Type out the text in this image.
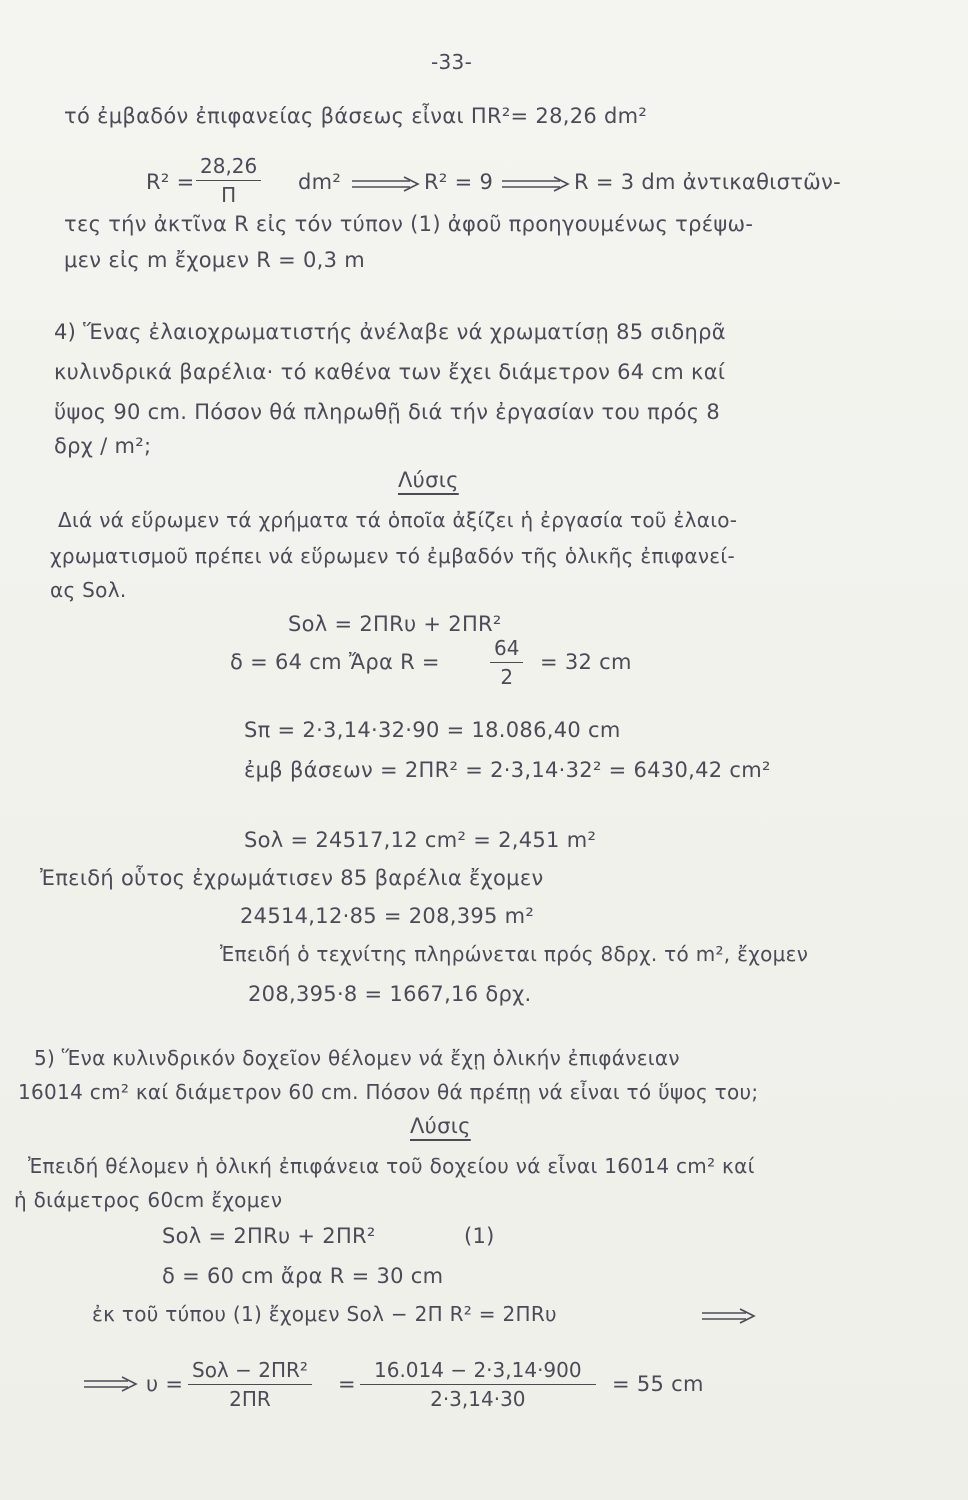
-33-
τό ἐμβαδόν ἐπιφανείας βάσεως εἶναι ΠR²= 28,26 dm²
$R^2 = \frac{28,26}{\Pi} dm^2$	R² = 9	R = 3 dm ἀντικαθιστῶν-
τες τήν ἀκτῖνα R εἰς τόν τύπον (1) ἀφοῦ προηγουμένως τρέψω-
μεν εἰς m ἔχομεν R = 0,3 m
4) Ἕνας ἐλαιοχρωματιστής ἀνέλαβε νά χρωματίσῃ 85 σιδηρᾶ
κυλινδρικά βαρέλια· τό καθένα των ἔχει διάμετρον 64 cm καί
ὕψος 90 cm. Πόσον θά πληρωθῇ διά τήν ἐργασίαν του πρός 8
δρχ / m²;
Λύσις
Διά νά εὕρωμεν τά χρήματα τά ὁποῖα ἀξίζει ἡ ἐργασία τοῦ ἐλαιο-
χρωματισμοῦ πρέπει νά εὕρωμεν τό ἐμβαδόν τῆς ὁλικῆς ἐπιφανεί-
ας Sολ.
Sολ = 2ΠRυ + 2ΠR²
δ = 64 cm Ἄρα R =	$\frac{64}{2} = 32$ cm
Sπ = 2·3,14·32·90 = 18.086,40 cm
ἐμβ βάσεων = 2ΠR² = 2·3,14·32² = 6430,42 cm²
Sολ = 24517,12 cm² = 2,451 m²
Ἐπειδή οὗτος ἐχρωμάτισεν 85 βαρέλια ἔχομεν
24514,12·85 = 208,395 m²
Ἐπειδή ὁ τεχνίτης πληρώνεται πρός 8δρχ. τό m², ἔχομεν
208,395·8 = 1667,16 δρχ.
5) Ἕνα κυλινδρικόν δοχεῖον θέλομεν νά ἔχῃ ὁλικήν ἐπιφάνειαν
16014 cm² καί διάμετρον 60 cm. Πόσον θά πρέπῃ νά εἶναι τό ὕψος του;
Λύσις
Ἐπειδή θέλομεν ἡ ὁλική ἐπιφάνεια τοῦ δοχείου νά εἶναι 16014 cm² καί
ἡ διάμετρος 60cm ἔχομεν
Sολ = 2ΠRυ + 2ΠR²	(1)
δ = 60 cm ἄρα R = 30 cm
ἐκ τοῦ τύπου (1) ἔχομεν Sολ − 2Π R² = 2ΠRυ
υ =
Sολ − 2ΠR²
2ΠR
= $\frac{16.014 - 2\cdot 3,14\cdot 900}{2\cdot 3,14\cdot 30} = 55$ cm
